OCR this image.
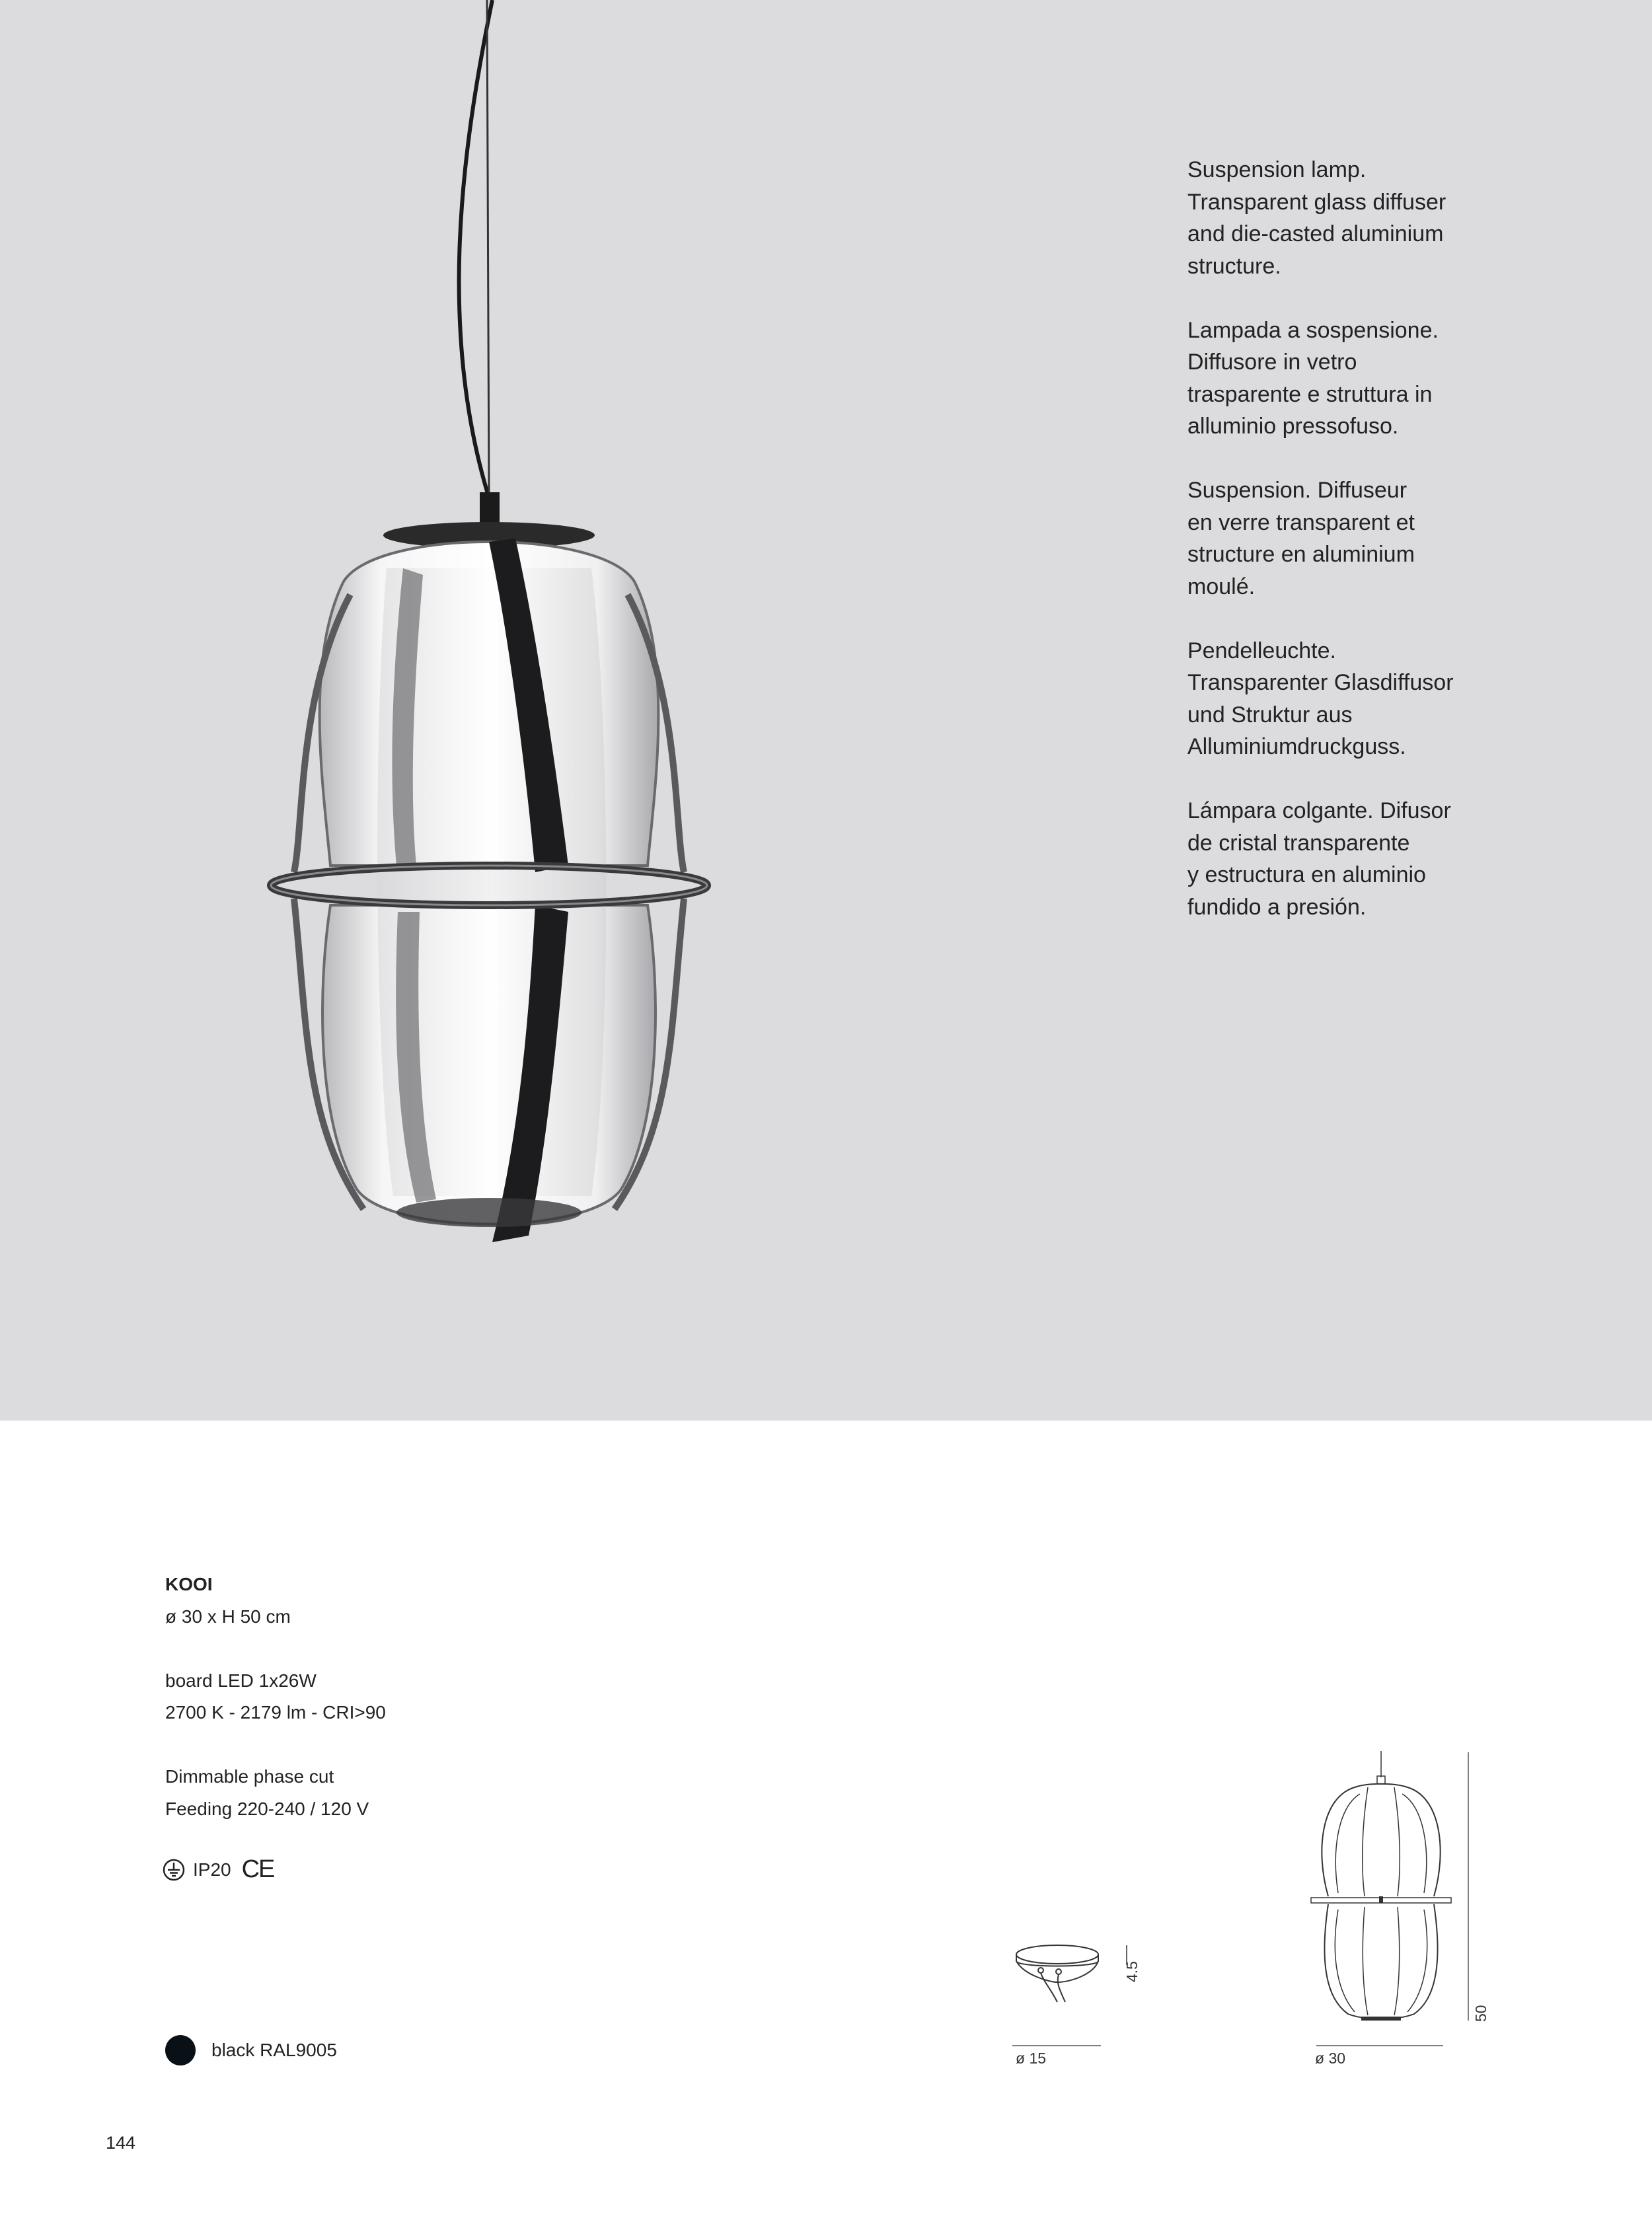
Suspension lamp.
Transparent glass diffuser
and die-casted aluminium
structure.

Lampada a sospensione.
Diffusore in vetro
trasparente e struttura in
alluminio pressofuso.

Suspension. Diffuseur
en verre transparent et
structure en aluminium
moulé.

Pendelleuchte.
Transparenter Glasdiffusor
und Struktur aus
Alluminiumdruckguss.

Lámpara colgante. Difusor
de cristal transparente
y estructura en aluminio
fundido a presión.

KOOI

ø 30 x H 50 cm

board LED 1x26W

2700 K - 2179 lm - CRI>90

Dimmable phase cut

Feeding 220-240 / 120 V

IP20 CE
black RAL9005
4.5
ø 15
50
ø 30
144
